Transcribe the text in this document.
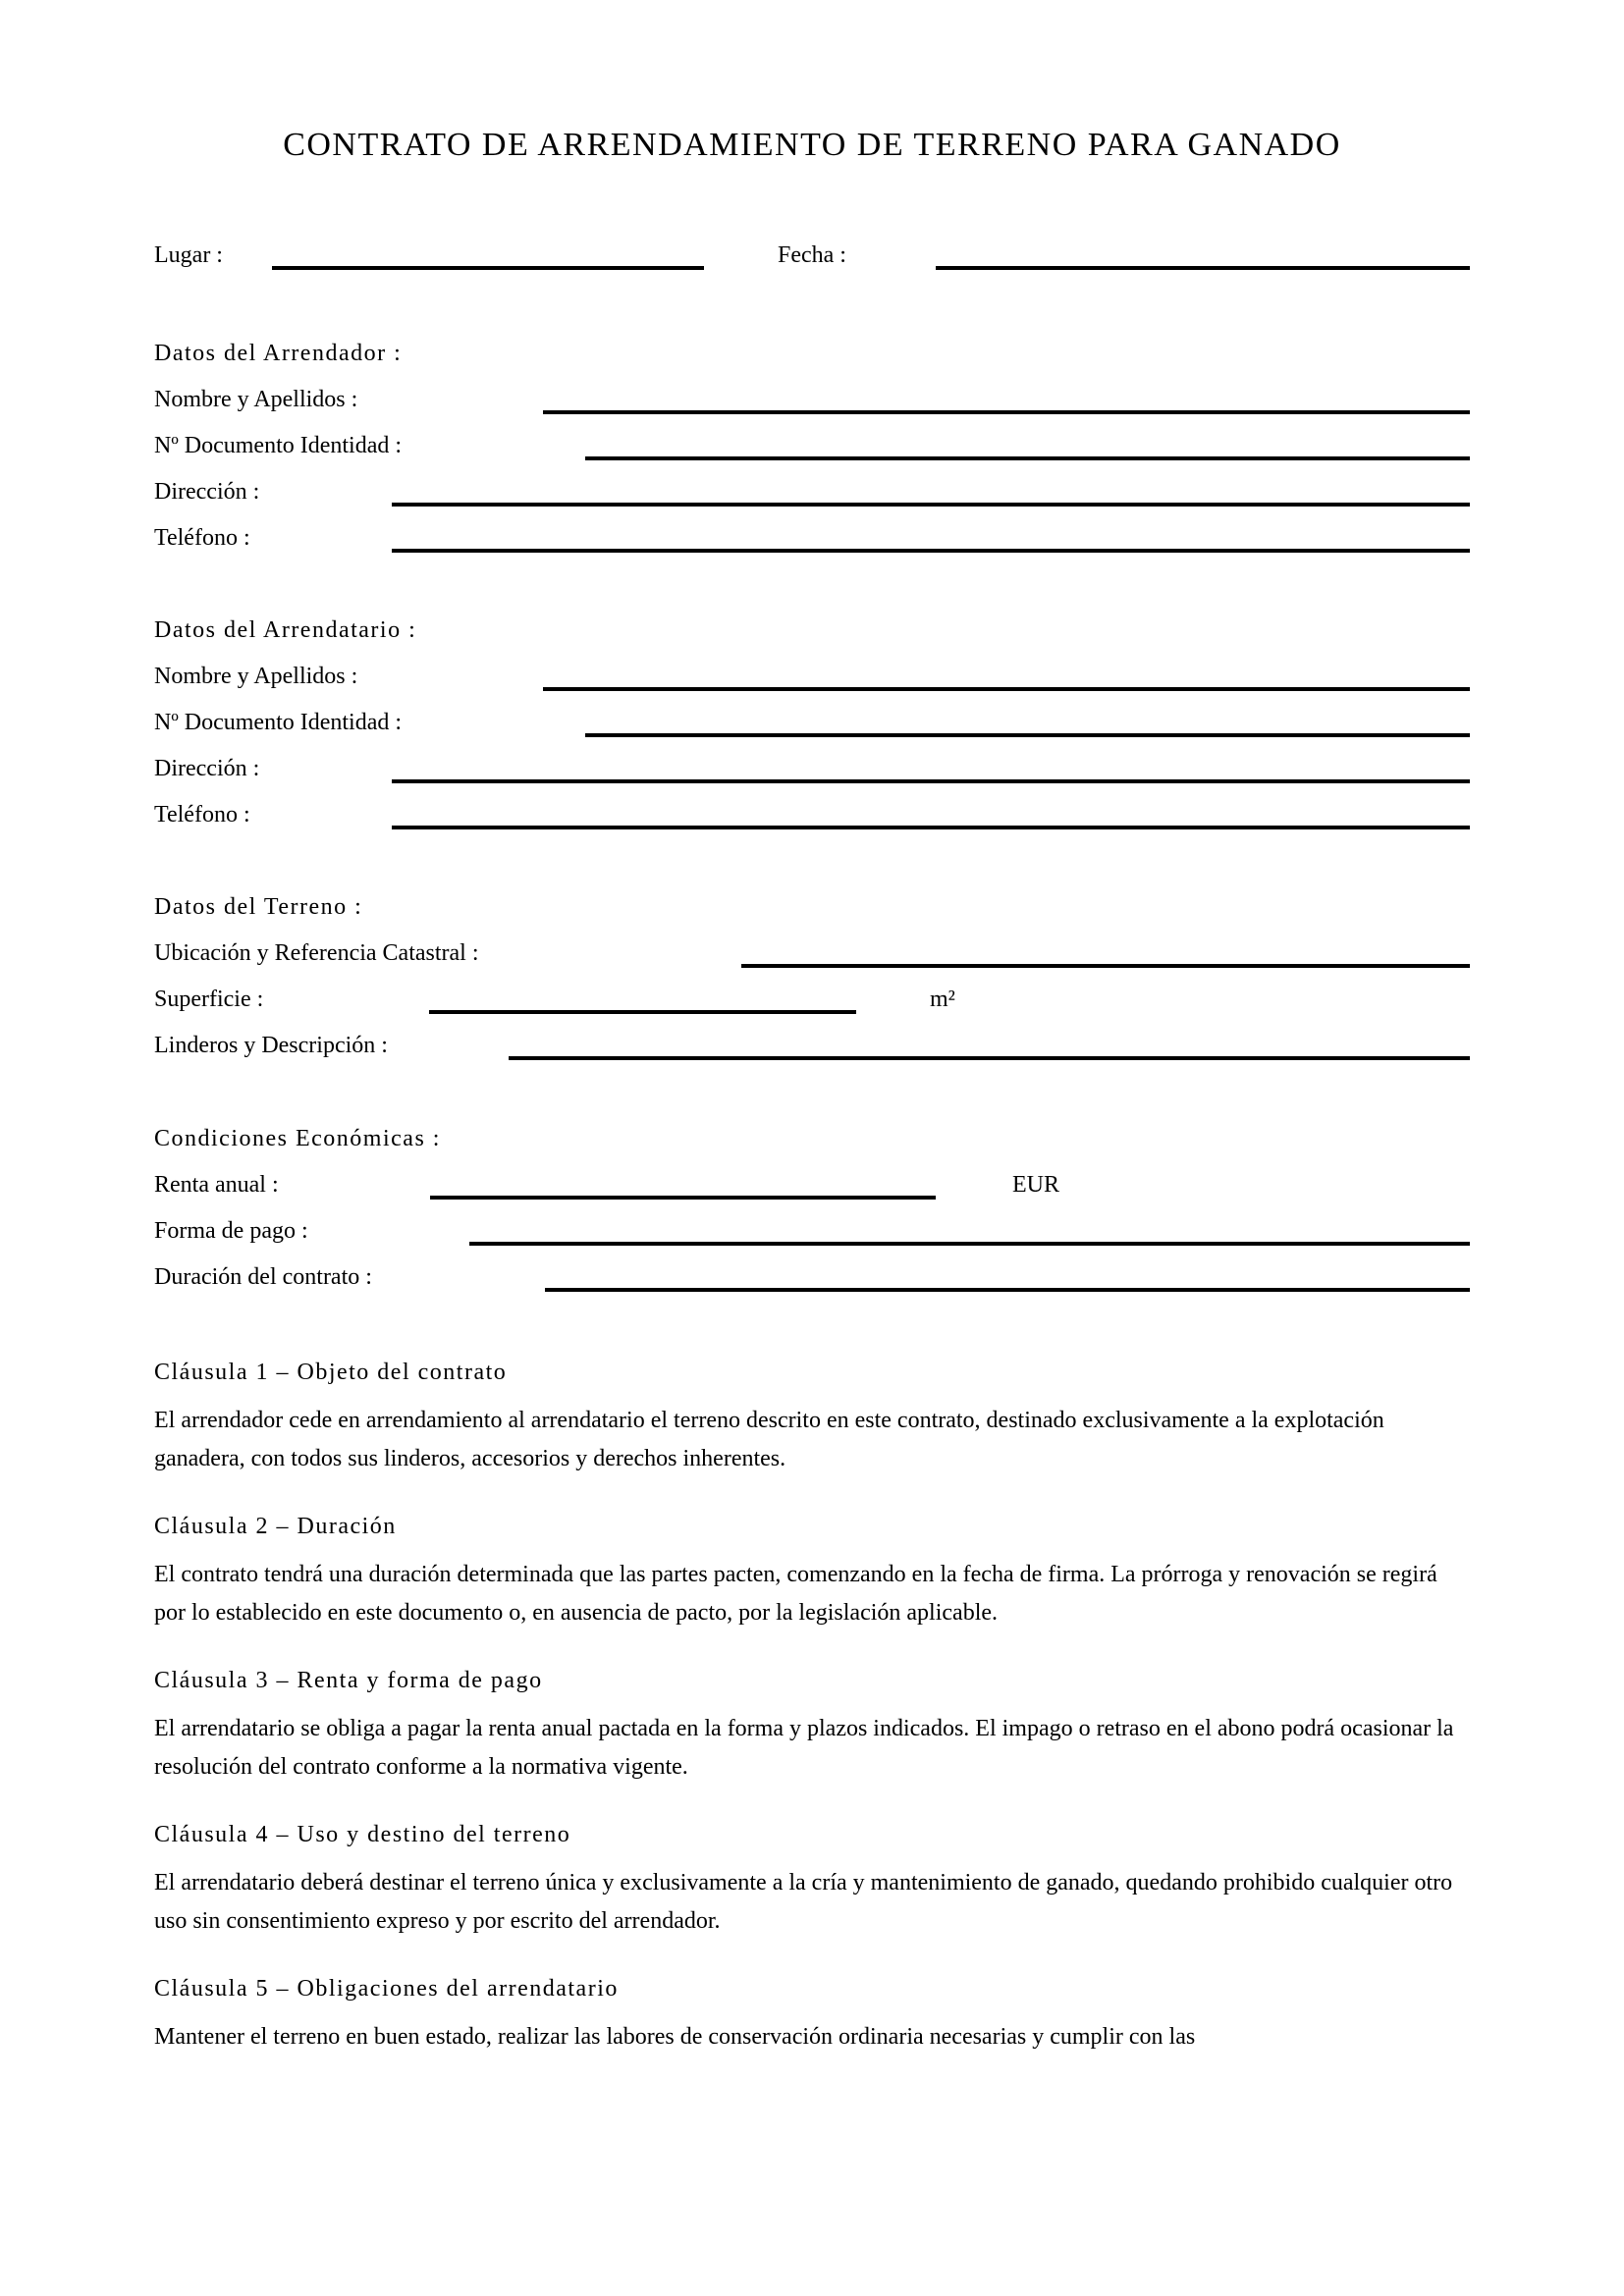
CONTRATO DE ARRENDAMIENTO DE TERRENO PARA GANADO
Lugar :	Fecha :
Datos del Arrendador :
Nombre y Apellidos :
Nº Documento Identidad :
Dirección :
Teléfono :
Datos del Arrendatario :
Nombre y Apellidos :
Nº Documento Identidad :
Dirección :
Teléfono :
Datos del Terreno :
Ubicación y Referencia Catastral :
Superficie :	m²
Linderos y Descripción :
Condiciones Económicas :
Renta anual :	EUR
Forma de pago :
Duración del contrato :
Cláusula 1 – Objeto del contrato

El arrendador cede en arrendamiento al arrendatario el terreno descrito en este contrato, destinado exclusivamente a la explotación ganadera, con todos sus linderos, accesorios y derechos inherentes.

Cláusula 2 – Duración

El contrato tendrá una duración determinada que las partes pacten, comenzando en la fecha de firma. La prórroga y renovación se regirá por lo establecido en este documento o, en ausencia de pacto, por la legislación aplicable.

Cláusula 3 – Renta y forma de pago

El arrendatario se obliga a pagar la renta anual pactada en la forma y plazos indicados. El impago o retraso en el abono podrá ocasionar la resolución del contrato conforme a la normativa vigente.

Cláusula 4 – Uso y destino del terreno

El arrendatario deberá destinar el terreno única y exclusivamente a la cría y mantenimiento de ganado, quedando prohibido cualquier otro uso sin consentimiento expreso y por escrito del arrendador.

Cláusula 5 – Obligaciones del arrendatario

Mantener el terreno en buen estado, realizar las labores de conservación ordinaria necesarias y cumplir con las
